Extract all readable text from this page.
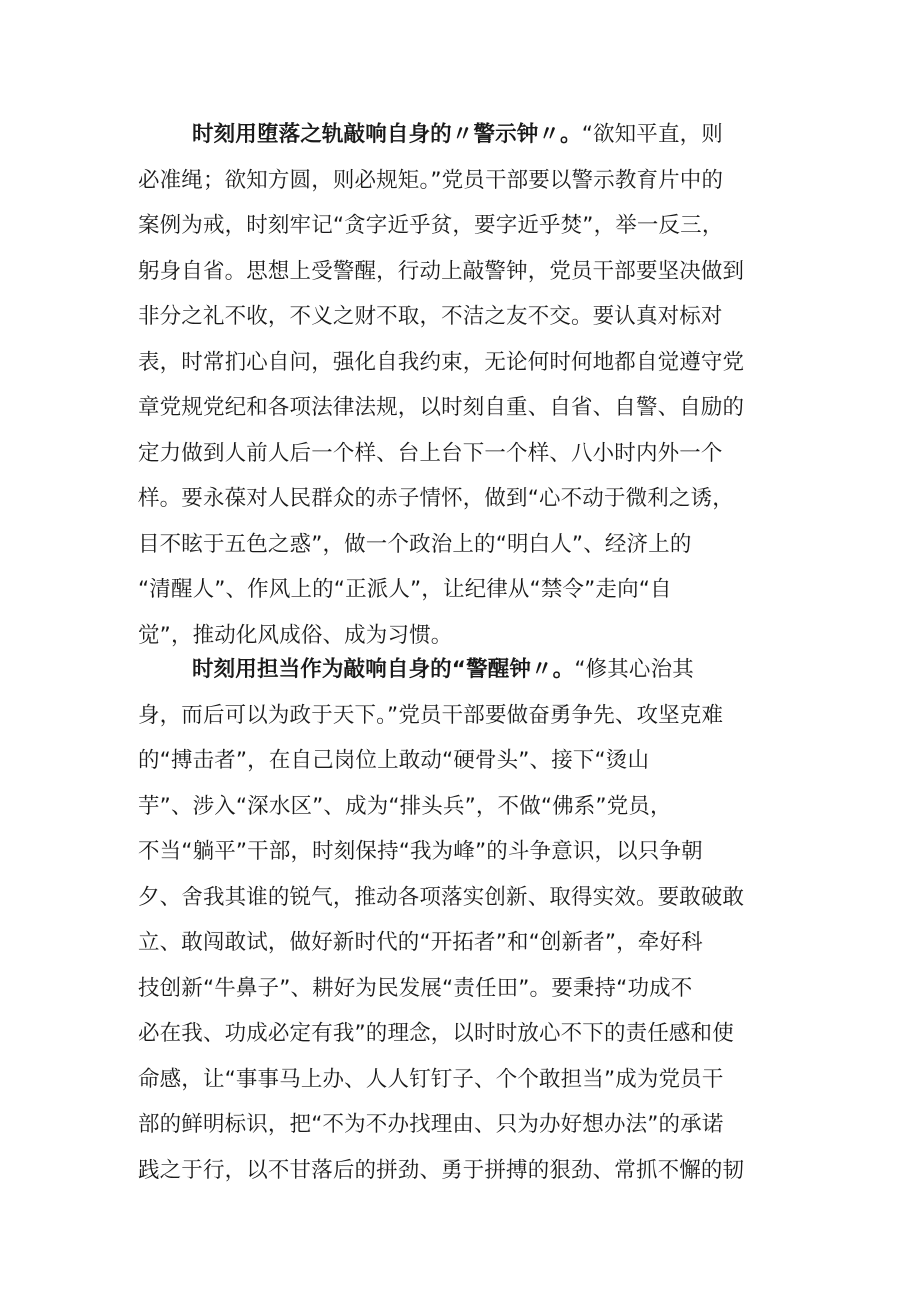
时刻用堕落之轨敲响自身的〃警示钟〃。“欲知平直，则
必准绳；欲知方圆，则必规矩。”党员干部要以警示教育片中的
案例为戒，时刻牢记“贪字近乎贫，要字近乎焚”，举一反三，
躬身自省。思想上受警醒，行动上敲警钟，党员干部要坚决做到
非分之礼不收，不义之财不取，不洁之友不交。要认真对标对
表，时常扪心自问，强化自我约束，无论何时何地都自觉遵守党
章党规党纪和各项法律法规，以时刻自重、自省、自警、自励的
定力做到人前人后一个样、台上台下一个样、八小时内外一个
样。要永葆对人民群众的赤子情怀，做到“心不动于微利之诱，
目不眩于五色之惑”，做一个政治上的“明白人”、经济上的
“清醒人”、作风上的“正派人”，让纪律从“禁令”走向“自
觉”，推动化风成俗、成为习惯。
时刻用担当作为敲响自身的“警醒钟〃。“修其心治其
身，而后可以为政于天下。”党员干部要做奋勇争先、攻坚克难
的“搏击者”，在自己岗位上敢动“硬骨头”、接下“烫山
芋”、涉入“深水区”、成为“排头兵”，不做“佛系”党员，
不当“躺平”干部，时刻保持“我为峰”的斗争意识，以只争朝
夕、舍我其谁的锐气，推动各项落实创新、取得实效。要敢破敢
立、敢闯敢试，做好新时代的“开拓者”和“创新者”，牵好科
技创新“牛鼻子”、耕好为民发展“责任田”。要秉持“功成不
必在我、功成必定有我”的理念，以时时放心不下的责任感和使
命感，让“事事马上办、人人钉钉子、个个敢担当”成为党员干
部的鲜明标识，把“不为不办找理由、只为办好想办法”的承诺
践之于行，以不甘落后的拼劲、勇于拼搏的狠劲、常抓不懈的韧
